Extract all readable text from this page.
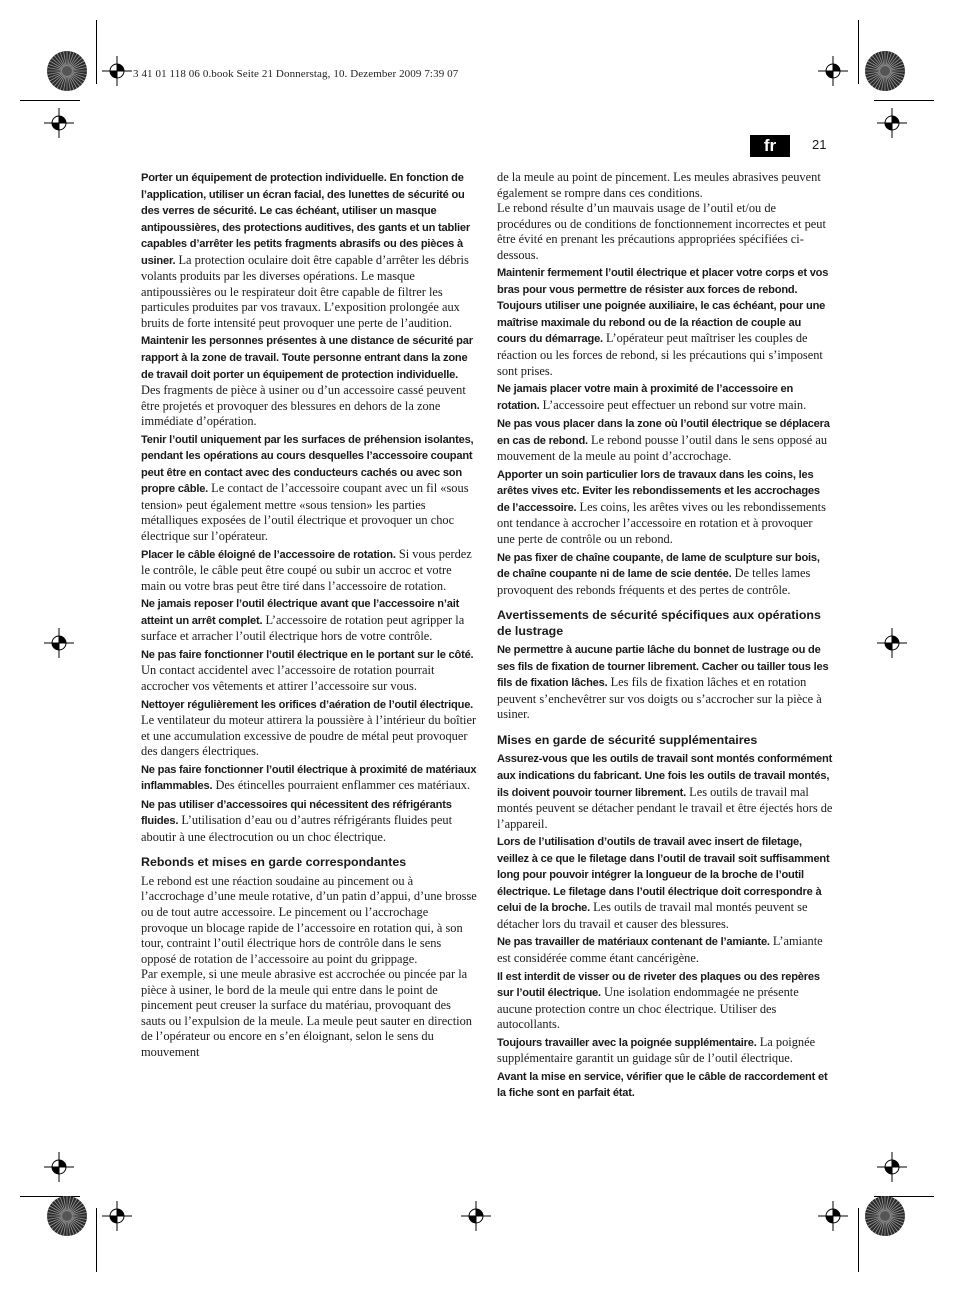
3 41 01 118 06 0.book Seite 21 Donnerstag, 10. Dezember 2009 7:39 07
fr	21

Porter un équipement de protection individuelle. En fonction de l’application, utiliser un écran facial, des lunettes de sécurité ou des verres de sécurité. Le cas échéant, utiliser un masque antipoussières, des protections auditives, des gants et un tablier capables d’arrêter les petits fragments abrasifs ou des pièces à usiner. La protection oculaire doit être capable d’arrêter les débris volants produits par les diverses opérations. Le masque antipoussières ou le respirateur doit être capable de filtrer les particules produites par vos travaux. L’exposition prolongée aux bruits de forte intensité peut provoquer une perte de l’audition.

Maintenir les personnes présentes à une distance de sécurité par rapport à la zone de travail. Toute personne entrant dans la zone de travail doit porter un équipement de protection individuelle. Des fragments de pièce à usiner ou d’un accessoire cassé peuvent être projetés et provoquer des blessures en dehors de la zone immédiate d’opération.

Tenir l’outil uniquement par les surfaces de préhension isolantes, pendant les opérations au cours desquelles l’accessoire coupant peut être en contact avec des conducteurs cachés ou avec son propre câble. Le contact de l’accessoire coupant avec un fil «sous tension» peut également mettre «sous tension» les parties métalliques exposées de l’outil électrique et provoquer un choc électrique sur l’opérateur.

Placer le câble éloigné de l’accessoire de rotation. Si vous perdez le contrôle, le câble peut être coupé ou subir un accroc et votre main ou votre bras peut être tiré dans l’accessoire de rotation.

Ne jamais reposer l’outil électrique avant que l’accessoire n’ait atteint un arrêt complet. L’accessoire de rotation peut agripper la surface et arracher l’outil électrique hors de votre contrôle.

Ne pas faire fonctionner l’outil électrique en le portant sur le côté. Un contact accidentel avec l’accessoire de rotation pourrait accrocher vos vêtements et attirer l’accessoire sur vous.

Nettoyer régulièrement les orifices d’aération de l’outil électrique. Le ventilateur du moteur attirera la poussière à l’intérieur du boîtier et une accumulation excessive de poudre de métal peut provoquer des dangers électriques.

Ne pas faire fonctionner l’outil électrique à proximité de matériaux inflammables. Des étincelles pourraient enflammer ces matériaux.

Ne pas utiliser d’accessoires qui nécessitent des réfrigérants fluides. L’utilisation d’eau ou d’autres réfrigérants fluides peut aboutir à une électrocution ou un choc électrique.

Rebonds et mises en garde correspondantes

Le rebond est une réaction soudaine au pincement ou à l’accrochage d’une meule rotative, d’un patin d’appui, d’une brosse ou de tout autre accessoire. Le pincement ou l’accrochage provoque un blocage rapide de l’accessoire en rotation qui, à son tour, contraint l’outil électrique hors de contrôle dans le sens opposé de rotation de l’accessoire au point du grippage.

Par exemple, si une meule abrasive est accrochée ou pincée par la pièce à usiner, le bord de la meule qui entre dans le point de pincement peut creuser la surface du matériau, provoquant des sauts ou l’expulsion de la meule. La meule peut sauter en direction de l’opérateur ou encore en s’en éloignant, selon le sens du mouvement

de la meule au point de pincement. Les meules abrasives peuvent également se rompre dans ces conditions.

Le rebond résulte d’un mauvais usage de l’outil et/ou de procédures ou de conditions de fonctionnement incorrectes et peut être évité en prenant les précautions appropriées spécifiées ci-dessous.

Maintenir fermement l’outil électrique et placer votre corps et vos bras pour vous permettre de résister aux forces de rebond. Toujours utiliser une poignée auxiliaire, le cas échéant, pour une maîtrise maximale du rebond ou de la réaction de couple au cours du démarrage. L’opérateur peut maîtriser les couples de réaction ou les forces de rebond, si les précautions qui s’imposent sont prises.

Ne jamais placer votre main à proximité de l’accessoire en rotation. L’accessoire peut effectuer un rebond sur votre main.

Ne pas vous placer dans la zone où l’outil électrique se déplacera en cas de rebond. Le rebond pousse l’outil dans le sens opposé au mouvement de la meule au point d’accrochage.

Apporter un soin particulier lors de travaux dans les coins, les arêtes vives etc. Eviter les rebondissements et les accrochages de l’accessoire. Les coins, les arêtes vives ou les rebondissements ont tendance à accrocher l’accessoire en rotation et à provoquer une perte de contrôle ou un rebond.

Ne pas fixer de chaîne coupante, de lame de sculpture sur bois, de chaîne coupante ni de lame de scie dentée. De telles lames provoquent des rebonds fréquents et des pertes de contrôle.

Avertissements de sécurité spécifiques aux opérations de lustrage

Ne permettre à aucune partie lâche du bonnet de lustrage ou de ses fils de fixation de tourner librement. Cacher ou tailler tous les fils de fixation lâches. Les fils de fixation lâches et en rotation peuvent s’enchevêtrer sur vos doigts ou s’accrocher sur la pièce à usiner.

Mises en garde de sécurité supplémentaires

Assurez-vous que les outils de travail sont montés conformément aux indications du fabricant. Une fois les outils de travail montés, ils doivent pouvoir tourner librement. Les outils de travail mal montés peuvent se détacher pendant le travail et être éjectés hors de l’appareil.

Lors de l’utilisation d’outils de travail avec insert de filetage, veillez à ce que le filetage dans l’outil de travail soit suffisamment long pour pouvoir intégrer la longueur de la broche de l’outil électrique. Le filetage dans l’outil électrique doit correspondre à celui de la broche. Les outils de travail mal montés peuvent se détacher lors du travail et causer des blessures.

Ne pas travailler de matériaux contenant de l’amiante. L’amiante est considérée comme étant cancérigène.

Il est interdit de visser ou de riveter des plaques ou des repères sur l’outil électrique. Une isolation endommagée ne présente aucune protection contre un choc électrique. Utiliser des autocollants.

Toujours travailler avec la poignée supplémentaire. La poignée supplémentaire garantit un guidage sûr de l’outil électrique.

Avant la mise en service, vérifier que le câble de raccordement et la fiche sont en parfait état.
